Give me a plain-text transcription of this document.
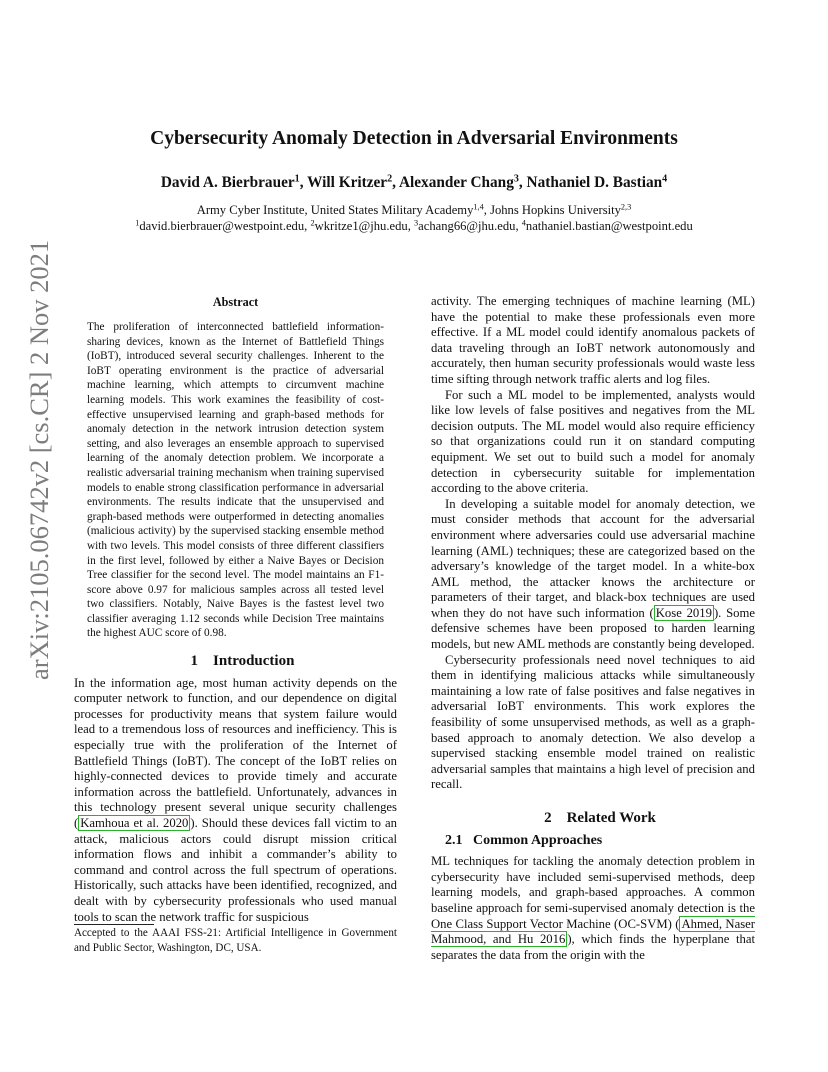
arXiv:2105.06742v2 [cs.CR] 2 Nov 2021
Cybersecurity Anomaly Detection in Adversarial Environments
David A. Bierbrauer$^1$, Will Kritzer$^2$, Alexander Chang$^3$, Nathaniel D. Bastian$^4$
Army Cyber Institute, United States Military Academy$^{1,4}$, Johns Hopkins University$^{2,3}$
$^1$david.bierbrauer@westpoint.edu, $^2$wkritze1@jhu.edu, $^3$achang66@jhu.edu, $^4$nathaniel.bastian@westpoint.edu
Abstract

The proliferation of interconnected battlefield information-sharing devices, known as the Internet of Battlefield Things (IoBT), introduced several security challenges. Inherent to the IoBT operating environment is the practice of adversarial machine learning, which attempts to circumvent machine learning models. This work examines the feasibility of cost-effective unsupervised learning and graph-based methods for anomaly detection in the network intrusion detection system setting, and also leverages an ensemble approach to supervised learning of the anomaly detection problem. We incorporate a realistic adversarial training mechanism when training supervised models to enable strong classification performance in adversarial environments. The results indicate that the unsupervised and graph-based methods were outperformed in detecting anomalies (malicious activity) by the supervised stacking ensemble method with two levels. This model consists of three different classifiers in the first level, followed by either a Naive Bayes or Decision Tree classifier for the second level. The model maintains an F1-score above 0.97 for malicious samples across all tested level two classifiers. Notably, Naive Bayes is the fastest level two classifier averaging 1.12 seconds while Decision Tree maintains the highest AUC score of 0.98.

1 Introduction

In the information age, most human activity depends on the computer network to function, and our dependence on digital processes for productivity means that system failure would lead to a tremendous loss of resources and inefficiency. This is especially true with the proliferation of the Internet of Battlefield Things (IoBT). The concept of the IoBT relies on highly-connected devices to provide timely and accurate information across the battlefield. Unfortunately, advances in this technology present several unique security challenges ( Kamhoua et al. 2020 ). Should these devices fall victim to an attack, malicious actors could disrupt mission critical information flows and inhibit a commander’s ability to command and control across the full spectrum of operations. Historically, such attacks have been identified, recognized, and dealt with by cybersecurity professionals who used manual tools to scan the network traffic for suspicious

Accepted to the AAAI FSS-21: Artificial Intelligence in Government and Public Sector, Washington, DC, USA.

activity. The emerging techniques of machine learning (ML) have the potential to make these professionals even more effective. If a ML model could identify anomalous packets of data traveling through an IoBT network autonomously and accurately, then human security professionals would waste less time sifting through network traffic alerts and log files.

For such a ML model to be implemented, analysts would like low levels of false positives and negatives from the ML decision outputs. The ML model would also require efficiency so that organizations could run it on standard computing equipment. We set out to build such a model for anomaly detection in cybersecurity suitable for implementation according to the above criteria.

In developing a suitable model for anomaly detection, we must consider methods that account for the adversarial environment where adversaries could use adversarial machine learning (AML) techniques; these are categorized based on the adversary’s knowledge of the target model. In a white-box AML method, the attacker knows the architecture or parameters of their target, and black-box techniques are used when they do not have such information ( Kose 2019 ). Some defensive schemes have been proposed to harden learning models, but new AML methods are constantly being developed.

Cybersecurity professionals need novel techniques to aid them in identifying malicious attacks while simultaneously maintaining a low rate of false positives and false negatives in adversarial IoBT environments. This work explores the feasibility of some unsupervised methods, as well as a graph-based approach to anomaly detection. We also develop a supervised stacking ensemble model trained on realistic adversarial samples that maintains a high level of precision and recall.

2 Related Work

2.1 Common Approaches

ML techniques for tackling the anomaly detection problem in cybersecurity have included semi-supervised methods, deep learning models, and graph-based approaches. A common baseline approach for semi-supervised anomaly detection is the One Class Support Vector Machine (OC-SVM) ( Ahmed, Naser Mahmood, and Hu 2016 ), which finds the hyperplane that separates the data from the origin with the
